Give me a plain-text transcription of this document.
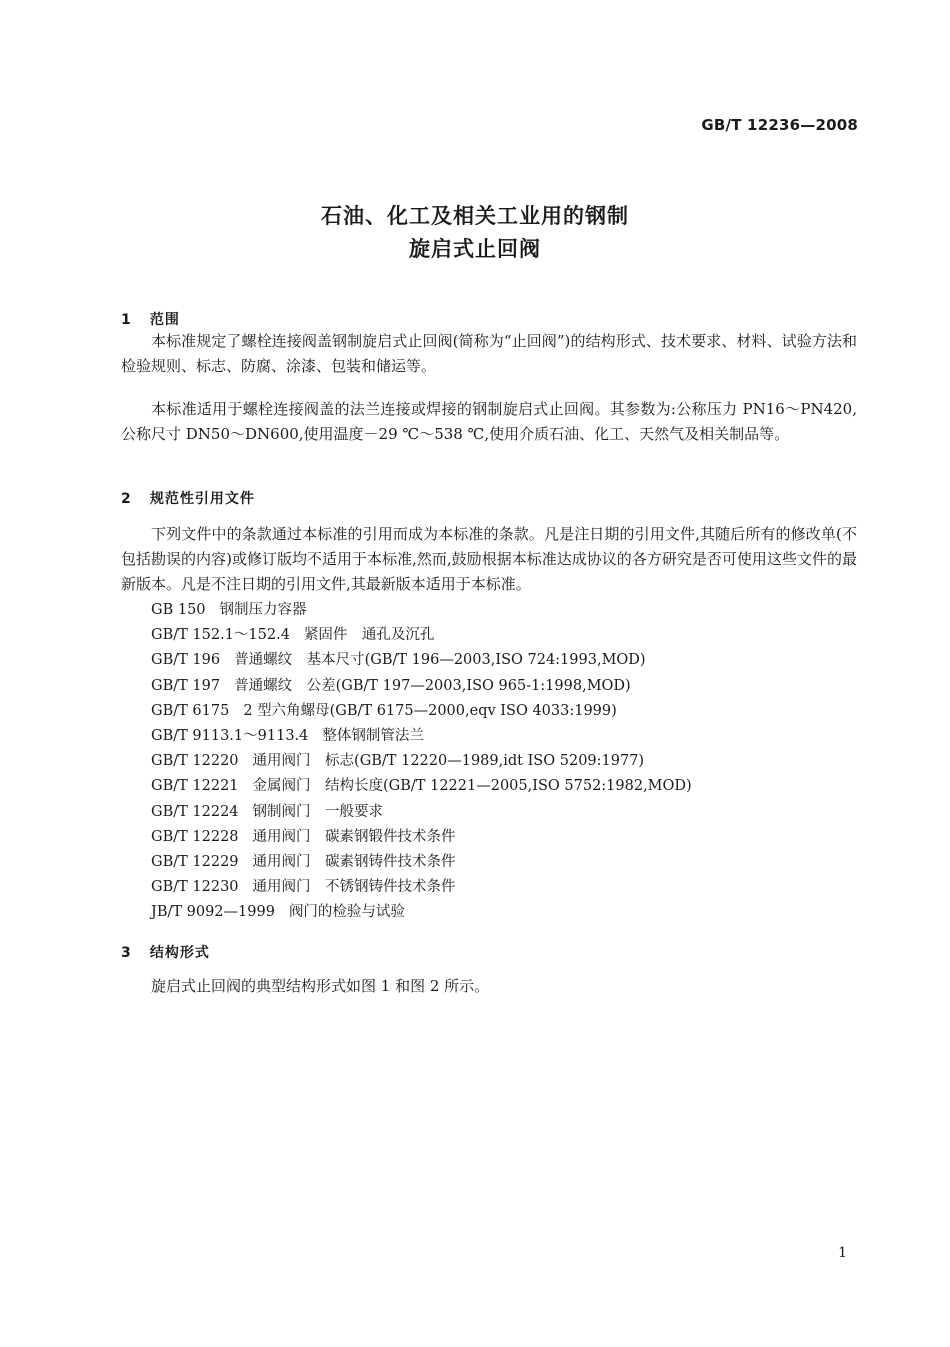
GB/T 12236—2008
石油、化工及相关工业用的钢制
旋启式止回阀
1 范围

本标准规定了螺栓连接阀盖钢制旋启式止回阀(简称为“止回阀”)的结构形式、技术要求、材料、试验方法和检验规则、标志、防腐、涂漆、包装和储运等。

本标准适用于螺栓连接阀盖的法兰连接或焊接的钢制旋启式止回阀。其参数为:公称压力 PN16～PN420,公称尺寸 DN50～DN600,使用温度－29 ℃～538 ℃,使用介质石油、化工、天然气及相关制品等。

2 规范性引用文件

下列文件中的条款通过本标准的引用而成为本标准的条款。凡是注日期的引用文件,其随后所有的修改单(不包括勘误的内容)或修订版均不适用于本标准,然而,鼓励根据本标准达成协议的各方研究是否可使用这些文件的最新版本。凡是不注日期的引用文件,其最新版本适用于本标准。

GB 150 钢制压力容器
GB/T 152.1～152.4 紧固件　通孔及沉孔
GB/T 196 普通螺纹　基本尺寸(GB/T 196—2003,ISO 724:1993,MOD)
GB/T 197 普通螺纹　公差(GB/T 197—2003,ISO 965-1:1998,MOD)
GB/T 6175 2 型六角螺母(GB/T 6175—2000,eqv ISO 4033:1999)
GB/T 9113.1～9113.4 整体钢制管法兰
GB/T 12220 通用阀门　标志(GB/T 12220—1989,idt ISO 5209:1977)
GB/T 12221 金属阀门　结构长度(GB/T 12221—2005,ISO 5752:1982,MOD)
GB/T 12224 钢制阀门　一般要求
GB/T 12228 通用阀门　碳素钢锻件技术条件
GB/T 12229 通用阀门　碳素钢铸件技术条件
GB/T 12230 通用阀门　不锈钢铸件技术条件
JB/T 9092—1999 阀门的检验与试验
3 结构形式

旋启式止回阀的典型结构形式如图 1 和图 2 所示。

1
